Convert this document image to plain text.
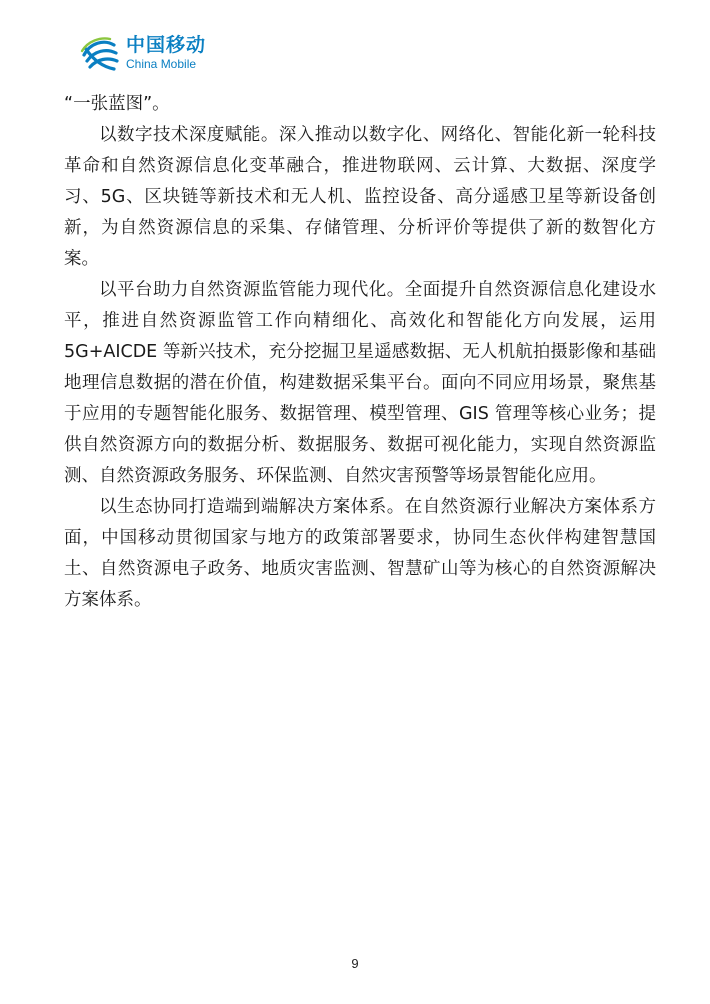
中国移动
China Mobile

“一张蓝图”。

以数字技术深度赋能。深入推动以数字化、网络化、智能化新一轮科技革命和自然资源信息化变革融合，推进物联网、云计算、大数据、深度学习、5G、区块链等新技术和无人机、监控设备、高分遥感卫星等新设备创新，为自然资源信息的采集、存储管理、分析评价等提供了新的数智化方案。

以平台助力自然资源监管能力现代化。全面提升自然资源信息化建设水平，推进自然资源监管工作向精细化、高效化和智能化方向发展，运用 5G+AICDE 等新兴技术，充分挖掘卫星遥感数据、无人机航拍摄影像和基础地理信息数据的潜在价值，构建数据采集平台。面向不同应用场景，聚焦基于应用的专题智能化服务、数据管理、模型管理、GIS 管理等核心业务；提供自然资源方向的数据分析、数据服务、数据可视化能力，实现自然资源监测、自然资源政务服务、环保监测、自然灾害预警等场景智能化应用。

以生态协同打造端到端解决方案体系。在自然资源行业解决方案体系方面，中国移动贯彻国家与地方的政策部署要求，协同生态伙伴构建智慧国土、自然资源电子政务、地质灾害监测、智慧矿山等为核心的自然资源解决方案体系。

9
